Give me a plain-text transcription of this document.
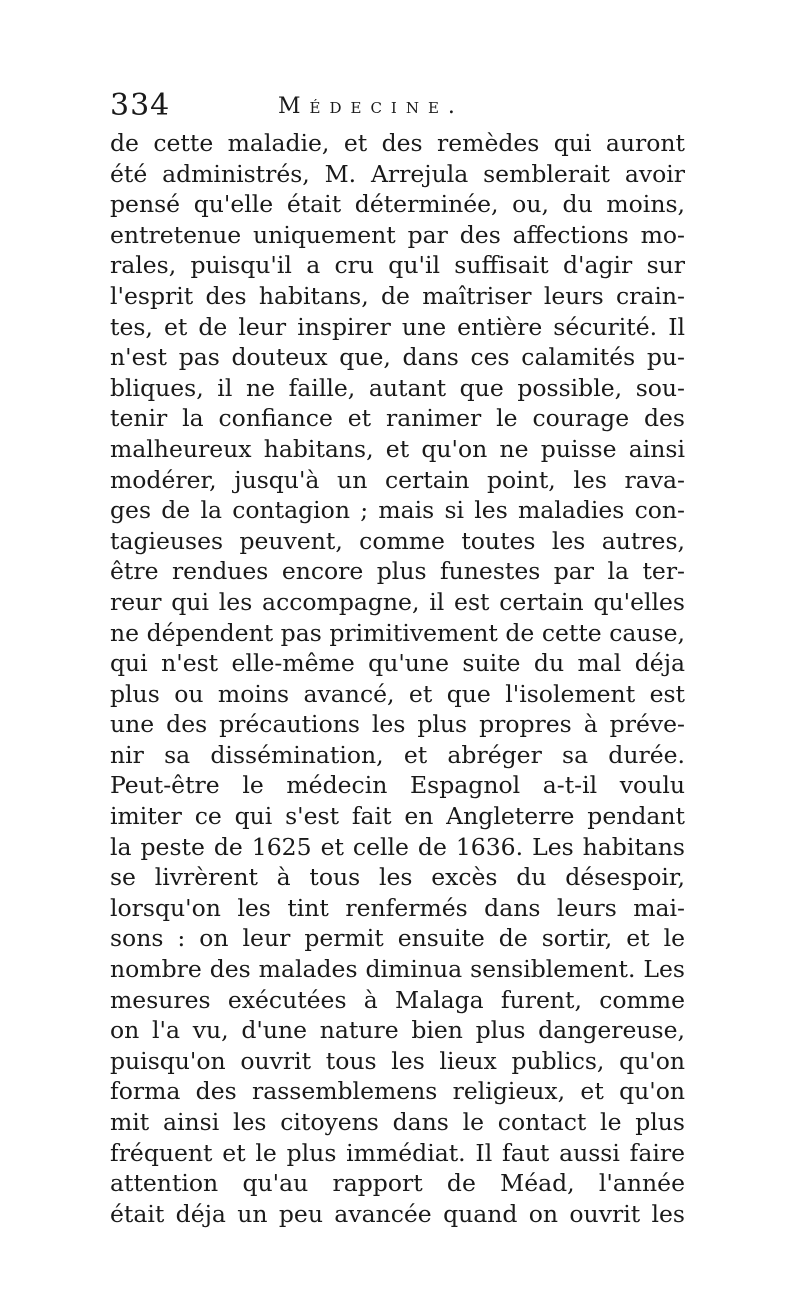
334	Médecine.
de cette maladie, et des remèdes qui auront
été administrés, M. Arrejula semblerait avoir
pensé qu'elle était déterminée, ou, du moins,
entretenue uniquement par des affections mo-
rales, puisqu'il a cru qu'il suffisait d'agir sur
l'esprit des habitans, de maîtriser leurs crain-
tes, et de leur inspirer une entière sécurité. Il
n'est pas douteux que, dans ces calamités pu-
bliques, il ne faille, autant que possible, sou-
tenir la confiance et ranimer le courage des
malheureux habitans, et qu'on ne puisse ainsi
modérer, jusqu'à un certain point, les rava-
ges de la contagion ; mais si les maladies con-
tagieuses peuvent, comme toutes les autres,
être rendues encore plus funestes par la ter-
reur qui les accompagne, il est certain qu'elles
ne dépendent pas primitivement de cette cause,
qui n'est elle-même qu'une suite du mal déja
plus ou moins avancé, et que l'isolement est
une des précautions les plus propres à préve-
nir sa dissémination, et abréger sa durée.
Peut-être le médecin Espagnol a-t-il voulu
imiter ce qui s'est fait en Angleterre pendant
la peste de 1625 et celle de 1636. Les habitans
se livrèrent à tous les excès du désespoir,
lorsqu'on les tint renfermés dans leurs mai-
sons : on leur permit ensuite de sortir, et le
nombre des malades diminua sensiblement. Les
mesures exécutées à Malaga furent, comme
on l'a vu, d'une nature bien plus dangereuse,
puisqu'on ouvrit tous les lieux publics, qu'on
forma des rassemblemens religieux, et qu'on
mit ainsi les citoyens dans le contact le plus
fréquent et le plus immédiat. Il faut aussi faire
attention qu'au rapport de Méad, l'année
était déja un peu avancée quand on ouvrit les
